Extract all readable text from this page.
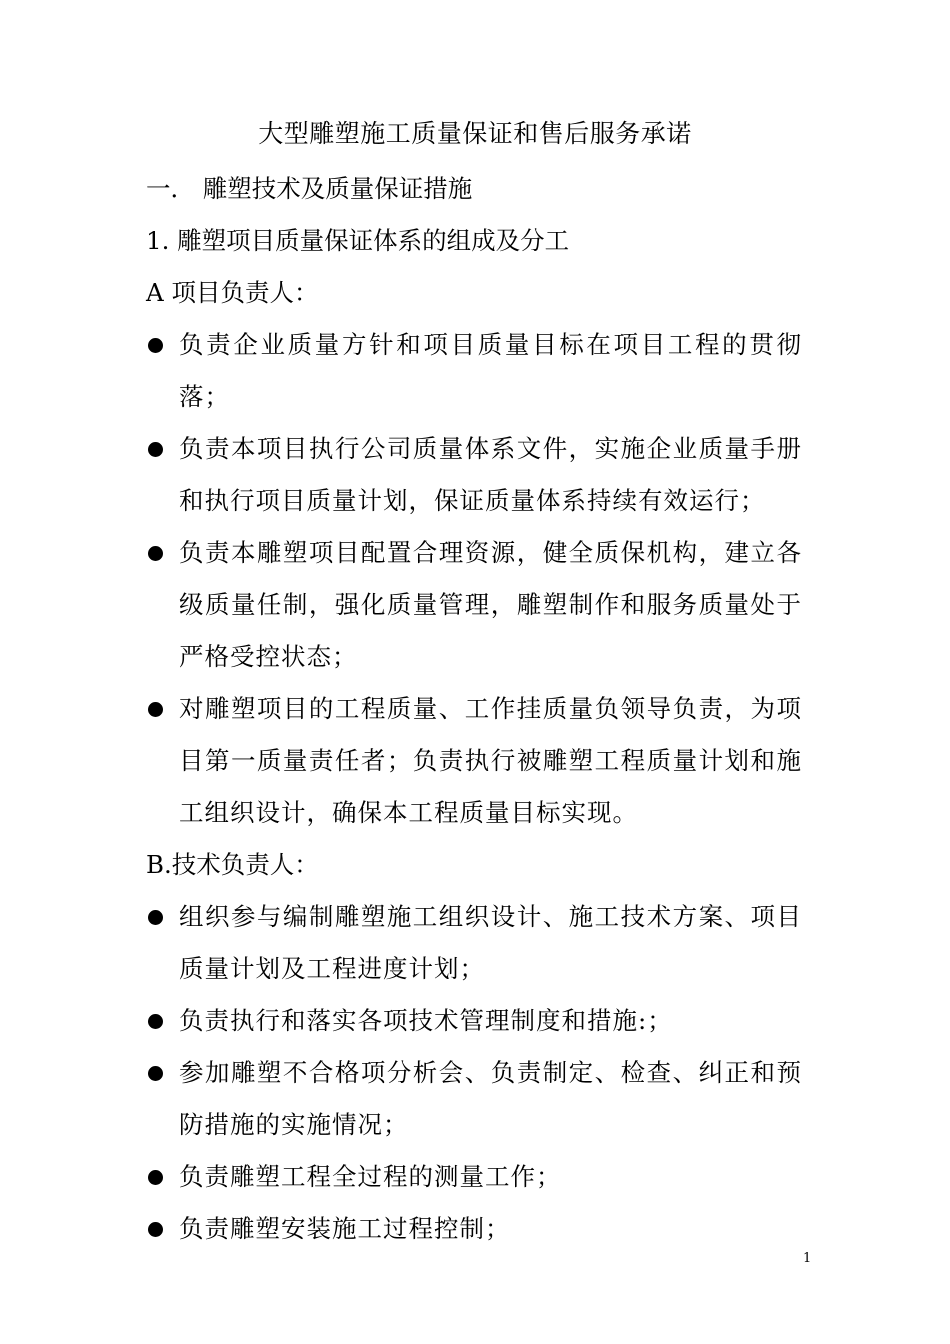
大型雕塑施工质量保证和售后服务承诺
一． 雕塑技术及质量保证措施
1. 雕塑项目质量保证体系的组成及分工
A 项目负责人：
负责企业质量方针和项目质量目标在项目工程的贯彻落；
负责本项目执行公司质量体系文件，实施企业质量手册和执行项目质量计划，保证质量体系持续有效运行；
负责本雕塑项目配置合理资源，健全质保机构，建立各级质量任制，强化质量管理，雕塑制作和服务质量处于严格受控状态；
对雕塑项目的工程质量、工作挂质量负领导负责，为项目第一质量责任者；负责执行被雕塑工程质量计划和施工组织设计，确保本工程质量目标实现。
B.技术负责人：
组织参与编制雕塑施工组织设计、施工技术方案、项目质量计划及工程进度计划；
负责执行和落实各项技术管理制度和措施:；
参加雕塑不合格项分析会、负责制定、检查、纠正和预防措施的实施情况；
负责雕塑工程全过程的测量工作；
负责雕塑安装施工过程控制；
1
